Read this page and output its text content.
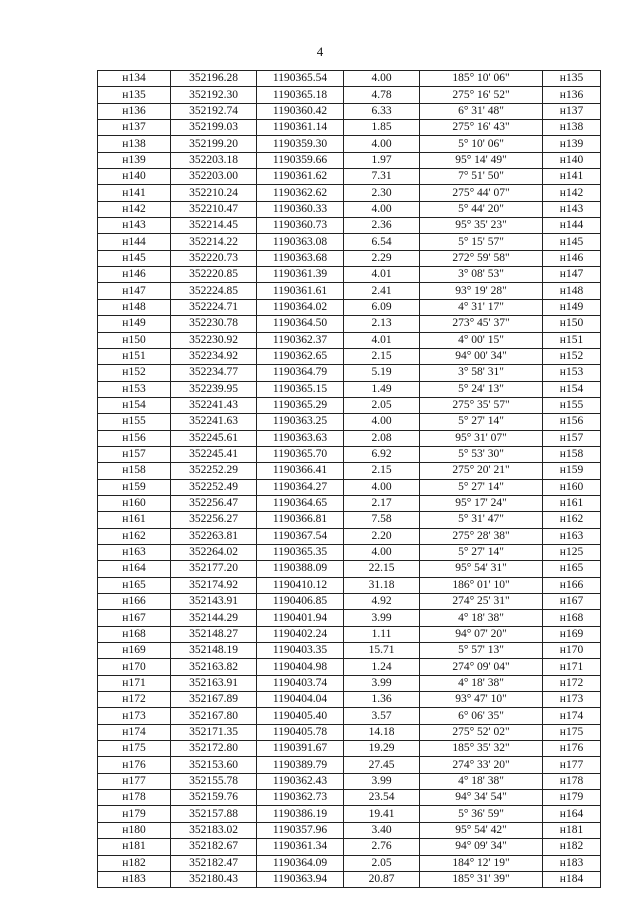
4
н134	352196.28	1190365.54	4.00	185° 10' 06"	н135
н135	352192.30	1190365.18	4.78	275° 16' 52"	н136
н136	352192.74	1190360.42	6.33	6° 31' 48"	н137
н137	352199.03	1190361.14	1.85	275° 16' 43"	н138
н138	352199.20	1190359.30	4.00	5° 10' 06"	н139
н139	352203.18	1190359.66	1.97	95° 14' 49"	н140
н140	352203.00	1190361.62	7.31	7° 51' 50"	н141
н141	352210.24	1190362.62	2.30	275° 44' 07"	н142
н142	352210.47	1190360.33	4.00	5° 44' 20"	н143
н143	352214.45	1190360.73	2.36	95° 35' 23"	н144
н144	352214.22	1190363.08	6.54	5° 15' 57"	н145
н145	352220.73	1190363.68	2.29	272° 59' 58"	н146
н146	352220.85	1190361.39	4.01	3° 08' 53"	н147
н147	352224.85	1190361.61	2.41	93° 19' 28"	н148
н148	352224.71	1190364.02	6.09	4° 31' 17"	н149
н149	352230.78	1190364.50	2.13	273° 45' 37"	н150
н150	352230.92	1190362.37	4.01	4° 00' 15"	н151
н151	352234.92	1190362.65	2.15	94° 00' 34"	н152
н152	352234.77	1190364.79	5.19	3° 58' 31"	н153
н153	352239.95	1190365.15	1.49	5° 24' 13"	н154
н154	352241.43	1190365.29	2.05	275° 35' 57"	н155
н155	352241.63	1190363.25	4.00	5° 27' 14"	н156
н156	352245.61	1190363.63	2.08	95° 31' 07"	н157
н157	352245.41	1190365.70	6.92	5° 53' 30"	н158
н158	352252.29	1190366.41	2.15	275° 20' 21"	н159
н159	352252.49	1190364.27	4.00	5° 27' 14"	н160
н160	352256.47	1190364.65	2.17	95° 17' 24"	н161
н161	352256.27	1190366.81	7.58	5° 31' 47"	н162
н162	352263.81	1190367.54	2.20	275° 28' 38"	н163
н163	352264.02	1190365.35	4.00	5° 27' 14"	н125
н164	352177.20	1190388.09	22.15	95° 54' 31"	н165
н165	352174.92	1190410.12	31.18	186° 01' 10"	н166
н166	352143.91	1190406.85	4.92	274° 25' 31"	н167
н167	352144.29	1190401.94	3.99	4° 18' 38"	н168
н168	352148.27	1190402.24	1.11	94° 07' 20"	н169
н169	352148.19	1190403.35	15.71	5° 57' 13"	н170
н170	352163.82	1190404.98	1.24	274° 09' 04"	н171
н171	352163.91	1190403.74	3.99	4° 18' 38"	н172
н172	352167.89	1190404.04	1.36	93° 47' 10"	н173
н173	352167.80	1190405.40	3.57	6° 06' 35"	н174
н174	352171.35	1190405.78	14.18	275° 52' 02"	н175
н175	352172.80	1190391.67	19.29	185° 35' 32"	н176
н176	352153.60	1190389.79	27.45	274° 33' 20"	н177
н177	352155.78	1190362.43	3.99	4° 18' 38"	н178
н178	352159.76	1190362.73	23.54	94° 34' 54"	н179
н179	352157.88	1190386.19	19.41	5° 36' 59"	н164
н180	352183.02	1190357.96	3.40	95° 54' 42"	н181
н181	352182.67	1190361.34	2.76	94° 09' 34"	н182
н182	352182.47	1190364.09	2.05	184° 12' 19"	н183
н183	352180.43	1190363.94	20.87	185° 31' 39"	н184
